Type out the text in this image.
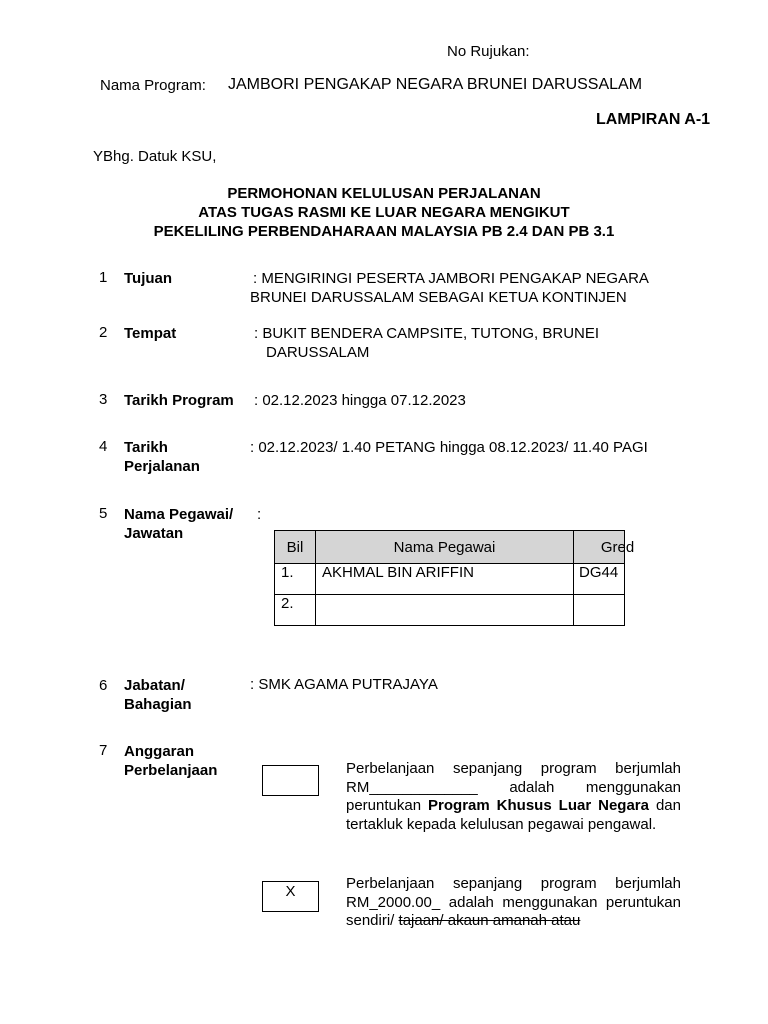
No Rujukan:
Nama Program: JAMBORI PENGAKAP NEGARA BRUNEI DARUSSALAM
LAMPIRAN A-1
YBhg. Datuk KSU,
PERMOHONAN KELULUSAN PERJALANAN
ATAS TUGAS RASMI KE LUAR NEGARA MENGIKUT
PEKELILING PERBENDAHARAAN MALAYSIA PB 2.4 DAN PB 3.1
1 Tujuan	: MENGIRINGI PESERTA JAMBORI PENGAKAP NEGARA
BRUNEI DARUSSALAM SEBAGAI KETUA KONTINJEN
2 Tempat	: BUKIT BENDERA CAMPSITE, TUTONG, BRUNEI
DARUSSALAM
3 Tarikh Program : 02.12.2023 hingga 07.12.2023
4 Tarikh
Perjalanan
: 02.12.2023/ 1.40 PETANG hingga 08.12.2023/ 11.40 PAGI
5 Nama Pegawai/
Jawatan
:
Bil	Nama Pegawai	Gred
1.	AKHMAL BIN ARIFFIN	DG44
2.		
6 Jabatan/
Bahagian
: SMK AGAMA PUTRAJAYA
7 Anggaran
Perbelanjaan	Perbelanjaan sepanjang program berjumlah RM_____________ adalah menggunakan peruntukan Program Khusus Luar Negara dan tertakluk kepada kelulusan pegawai pengawal.
X	Perbelanjaan sepanjang program berjumlah RM_2000.00_ adalah menggunakan peruntukan sendiri/ tajaan/ akaun amanah atau
